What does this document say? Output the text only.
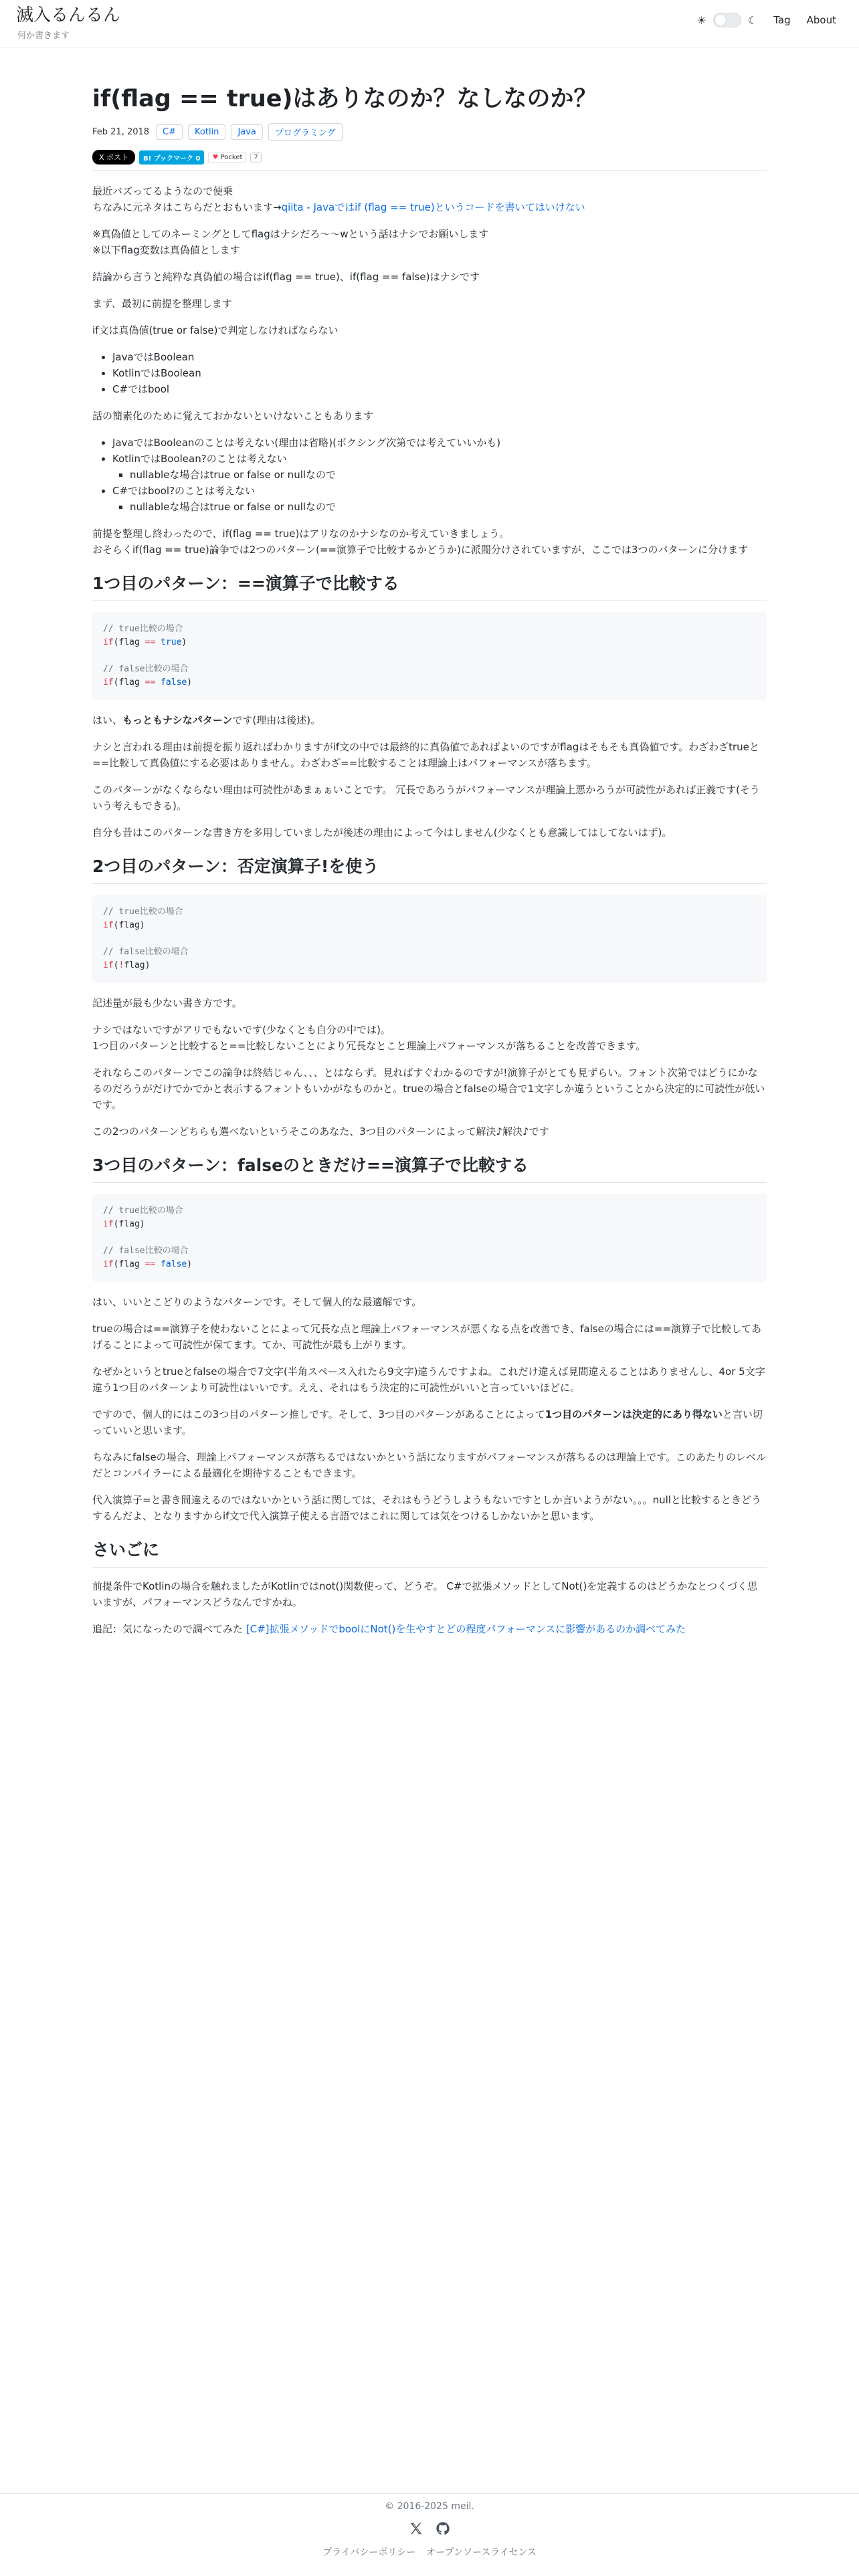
滅入るんるん
何か書きます
☀	☾ Tag About
if(flag == true)はありなのか？なしなのか？
Feb 21, 2018	C#	Kotlin	Java	プログラミング
X ポスト	B! ブックマーク 0	♥ Pocket	7

最近バズってるようなので便乗
ちなみに元ネタはこちらだとおもいます→qiita - Javaではif (flag == true)というコードを書いてはいけない

※真偽値としてのネーミングとしてflagはナシだろ〜〜wという話はナシでお願いします
※以下flag変数は真偽値とします

結論から言うと純粋な真偽値の場合はif(flag == true)、if(flag == false)はナシです

まず、最初に前提を整理します

if文は真偽値(true or false)で判定しなければならない

• JavaではBoolean
• KotlinではBoolean
• C#ではbool

話の簡素化のために覚えておかないといけないこともあります

• JavaではBooleanのことは考えない(理由は省略)(ボクシング次第では考えていいかも)
• KotlinではBoolean?のことは考えない
▪ nullableな場合はtrue or false or nullなので
• C#ではbool?のことは考えない
▪ nullableな場合はtrue or false or nullなので

前提を整理し終わったので、if(flag == true)はアリなのかナシなのか考えていきましょう。
おそらくif(flag == true)論争では2つのパターン(==演算子で比較するかどうか)に派閥分けされていますが、ここでは3つのパターンに分けます

1つ目のパターン：==演算子で比較する
// true比較の場合
if(flag == true)

// false比較の場合
if(flag == false)

はい、もっともナシなパターンです(理由は後述)。

ナシと言われる理由は前提を振り返ればわかりますがif文の中では最終的に真偽値であればよいのですがflagはそもそも真偽値です。わざわざtrueと==比較して真偽値にする必要はありません。わざわざ==比較することは理論上はパフォーマンスが落ちます。

このパターンがなくならない理由は可読性があまぁぁいことです。 冗長であろうがパフォーマンスが理論上悪かろうが可読性があれば正義です(そういう考えもできる)。

自分も昔はこのパターンな書き方を多用していましたが後述の理由によって今はしません(少なくとも意識してはしてないはず)。

2つ目のパターン：否定演算子!を使う
// true比較の場合
if(flag)

// false比較の場合
if(!flag)

記述量が最も少ない書き方です。

ナシではないですがアリでもないです(少なくとも自分の中では)。
1つ目のパターンと比較すると==比較しないことにより冗長なとこと理論上パフォーマンスが落ちることを改善できます。

それならこのパターンでこの論争は終結じゃん、、、とはならず。見ればすぐわかるのですが!演算子がとても見ずらい。フォント次第ではどうにかなるのだろうがだけでかでかと表示するフォントもいかがなものかと。trueの場合とfalseの場合で1文字しか違うということから決定的に可読性が低いです。

この2つのパターンどちらも選べないというそこのあなた、3つ目のパターンによって解決♪解決♪です

3つ目のパターン：falseのときだけ==演算子で比較する
// true比較の場合
if(flag)

// false比較の場合
if(flag == false)

はい、いいとこどりのようなパターンです。そして個人的な最適解です。

trueの場合は==演算子を使わないことによって冗長な点と理論上パフォーマンスが悪くなる点を改善でき、falseの場合には==演算子で比較してあげることによって可読性が保てます。てか、可読性が最も上がります。

なぜかというとtrueとfalseの場合で7文字(半角スペース入れたら9文字)違うんですよね。これだけ違えば見間違えることはありませんし、4or 5文字違う1つ目のパターンより可読性はいいです。ええ、それはもう決定的に可読性がいいと言っていいほどに。

ですので、個人的にはこの3つ目のパターン推しです。そして、3つ目のパターンがあることによって1つ目のパターンは決定的にあり得ないと言い切っていいと思います。

ちなみにfalseの場合、理論上パフォーマンスが落ちるではないかという話になりますがパフォーマンスが落ちるのは理論上です。このあたりのレベルだとコンパイラーによる最適化を期待することもできます。

代入演算子=と書き間違えるのではないかという話に関しては、それはもうどうしようもないですとしか言いようがない。。。nullと比較するときどうするんだよ、となりますからif文で代入演算子使える言語ではこれに関しては気をつけるしかないかと思います。

さいごに

前提条件でKotlinの場合を触れましたがKotlinではnot()関数使って、どうぞ。 C#で拡張メソッドとしてNot()を定義するのはどうかなとつくづく思いますが、パフォーマンスどうなんですかね。

追記：気になったので調べてみた [C#]拡張メソッドでboolにNot()を生やすとどの程度パフォーマンスに影響があるのか調べてみた

© 2016-2025 meil.
プライバシーポリシー オープンソースライセンス
